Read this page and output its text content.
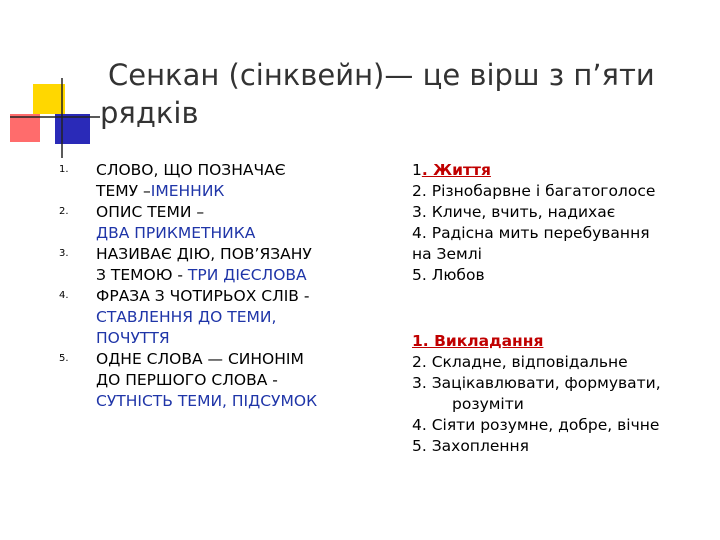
Сенкан (сінквейн)— це вірш з п’яти
рядків
1. СЛОВО, ЩО ПОЗНАЧАЄ
ТЕМУ –ІМЕННИК
2. ОПИС ТЕМИ –
ДВА ПРИКМЕТНИКА
3. НАЗИВАЄ ДІЮ, ПОВ’ЯЗАНУ
З ТЕМОЮ - ТРИ ДІЄСЛОВА
4. ФРАЗА З ЧОТИРЬОХ СЛІВ -
СТАВЛЕННЯ ДО ТЕМИ,
ПОЧУТТЯ
5. ОДНЕ СЛОВА — СИНОНІМ
ДО ПЕРШОГО СЛОВА -
СУТНІСТЬ ТЕМИ, ПІДСУМОК
1. Життя
2. Різнобарвне і багатоголосе
3. Кличе, вчить, надихає
4. Радісна мить перебування
на Землі
5. Любов
1. Викладання
2. Складне, відповідальне
3. Зацікавлювати, формувати,
розуміти
4. Сіяти розумне, добре, вічне
5. Захоплення
